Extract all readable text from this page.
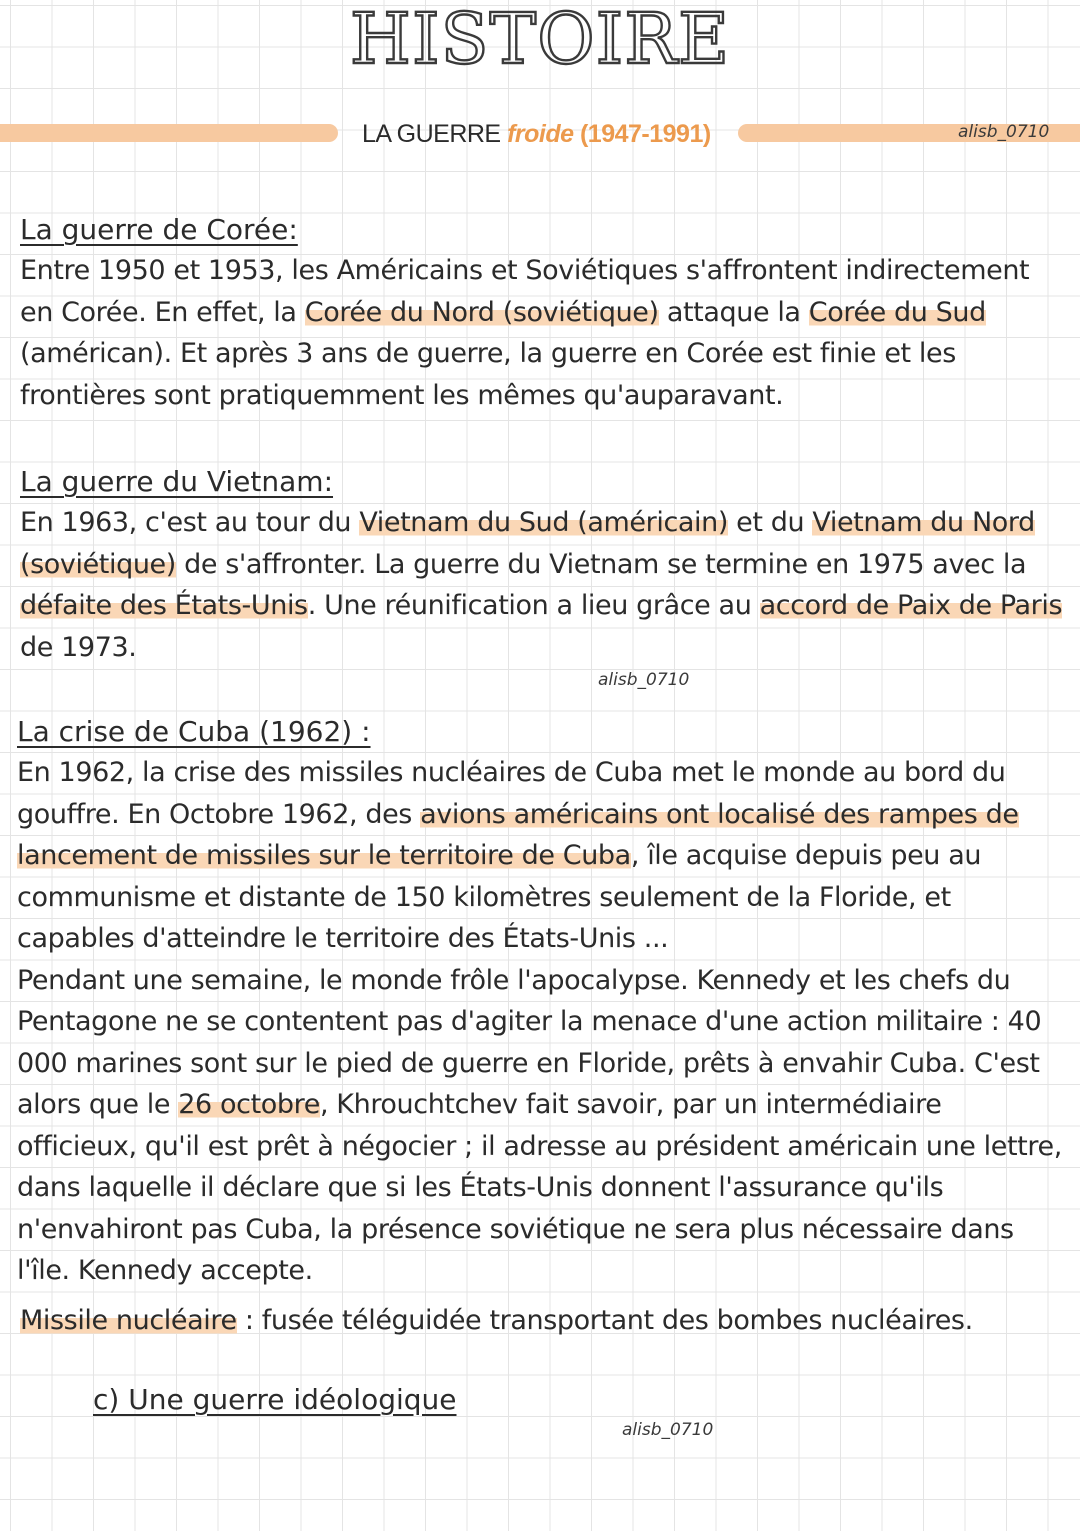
HISTOIRE
LA GUERRE froide (1947-1991)	alisb_0710
La guerre de Corée:
Entre 1950 et 1953, les Américains et Soviétiques s'affrontent indirectement en Corée. En effet, la Corée du Nord (soviétique) attaque la Corée du Sud (américan). Et après 3 ans de guerre, la guerre en Corée est finie et les frontières sont pratiquemment les mêmes qu'auparavant.
La guerre du Vietnam:
En 1963, c'est au tour du Vietnam du Sud (américain) et du Vietnam du Nord (soviétique) de s'affronter. La guerre du Vietnam se termine en 1975 avec la défaite des États-Unis. Une réunification a lieu grâce au accord de Paix de Paris de 1973.
alisb_0710
La crise de Cuba (1962) :

En 1962, la crise des missiles nucléaires de Cuba met le monde au bord du gouffre. En Octobre 1962, des avions américains ont localisé des rampes de lancement de missiles sur le territoire de Cuba, île acquise depuis peu au communisme et distante de 150 kilomètres seulement de la Floride, et capables d'atteindre le territoire des États-Unis ...

Pendant une semaine, le monde frôle l'apocalypse. Kennedy et les chefs du Pentagone ne se contentent pas d'agiter la menace d'une action militaire : 40 000 marines sont sur le pied de guerre en Floride, prêts à envahir Cuba. C'est alors que le 26 octobre, Khrouchtchev fait savoir, par un intermédiaire officieux, qu'il est prêt à négocier ; il adresse au président américain une lettre, dans laquelle il déclare que si les États-Unis donnent l'assurance qu'ils n'envahiront pas Cuba, la présence soviétique ne sera plus nécessaire dans l'île. Kennedy accepte.

Missile nucléaire : fusée téléguidée transportant des bombes nucléaires.
c) Une guerre idéologique
alisb_0710
